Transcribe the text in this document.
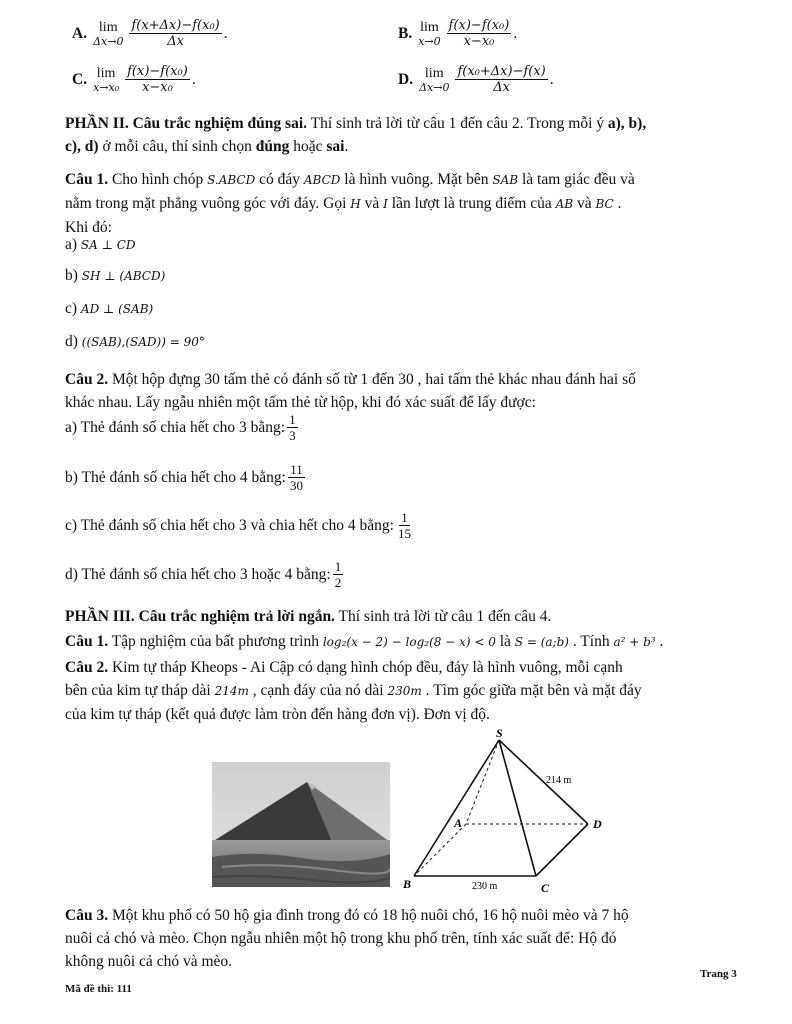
A. lim
$\Delta x\to 0 \frac{\text{f(x+Δx)−f(x₀)}}{\Delta x}$ .	B. lim
$x\to 0 \frac{\text{f(x)−f(x₀)}}{\text{x−x₀}}$ .
C. lim
$x\to x_0 \frac{\text{f(x)−f(x₀)}}{\text{x−x₀}}$ .	D. lim
$\Delta x\to 0 \frac{\text{f(x₀+Δx)−f(x)}}{\Delta x}$ .
PHẦN II. Câu trắc nghiệm đúng sai. Thí sinh trả lời từ câu 1 đến câu 2. Trong mỗi ý a), b),
c), d) ở mỗi câu, thí sinh chọn đúng hoặc sai.
Câu 1. Cho hình chóp S.ABCD có đáy ABCD là hình vuông. Mặt bên SAB là tam giác đều và
nằm trong mặt phẳng vuông góc với đáy. Gọi H và I lần lượt là trung điểm của AB và BC .
Khi đó:
a) SA ⊥ CD
b) SH ⊥ (ABCD)
c) AD ⊥ (SAB)
d) ((SAB),(SAD)) = 90°
Câu 2. Một hộp đựng 30 tấm thẻ có đánh số từ 1 đến 30 , hai tấm thẻ khác nhau đánh hai số
khác nhau. Lấy ngẫu nhiên một tấm thẻ từ hộp, khi đó xác suất để lấy được:
a) Thẻ đánh số chia hết cho 3 bằng: $\frac{1}{3}$
b) Thẻ đánh số chia hết cho 4 bằng: $\frac{11}{30}$
c) Thẻ đánh số chia hết cho 3 và chia hết cho 4 bằng: $\frac{1}{15}$
d) Thẻ đánh số chia hết cho 3 hoặc 4 bằng: $\frac{1}{2}$
PHẦN III. Câu trắc nghiệm trả lời ngắn. Thí sinh trả lời từ câu 1 đến câu 4.
Câu 1. Tập nghiệm của bất phương trình log₂(x − 2) − log₂(8 − x) < 0 là S = (a;b) . Tính a² + b³ .
Câu 2. Kim tự tháp Kheops - Ai Cập có dạng hình chóp đều, đáy là hình vuông, mỗi cạnh
bên của kim tự tháp dài 214m , cạnh đáy của nó dài 230m . Tìm góc giữa mặt bên và mặt đáy
của kim tự tháp (kết quả được làm tròn đến hàng đơn vị). Đơn vị độ.
S
A
B	C
D
214 m
230 m
Câu 3. Một khu phố có 50 hộ gia đình trong đó có 18 hộ nuôi chó, 16 hộ nuôi mèo và 7 hộ
nuôi cả chó và mèo. Chọn ngẫu nhiên một hộ trong khu phố trên, tính xác suất để: Hộ đó
không nuôi cả chó và mèo.
Trang 3
Mã đề thi: 111
